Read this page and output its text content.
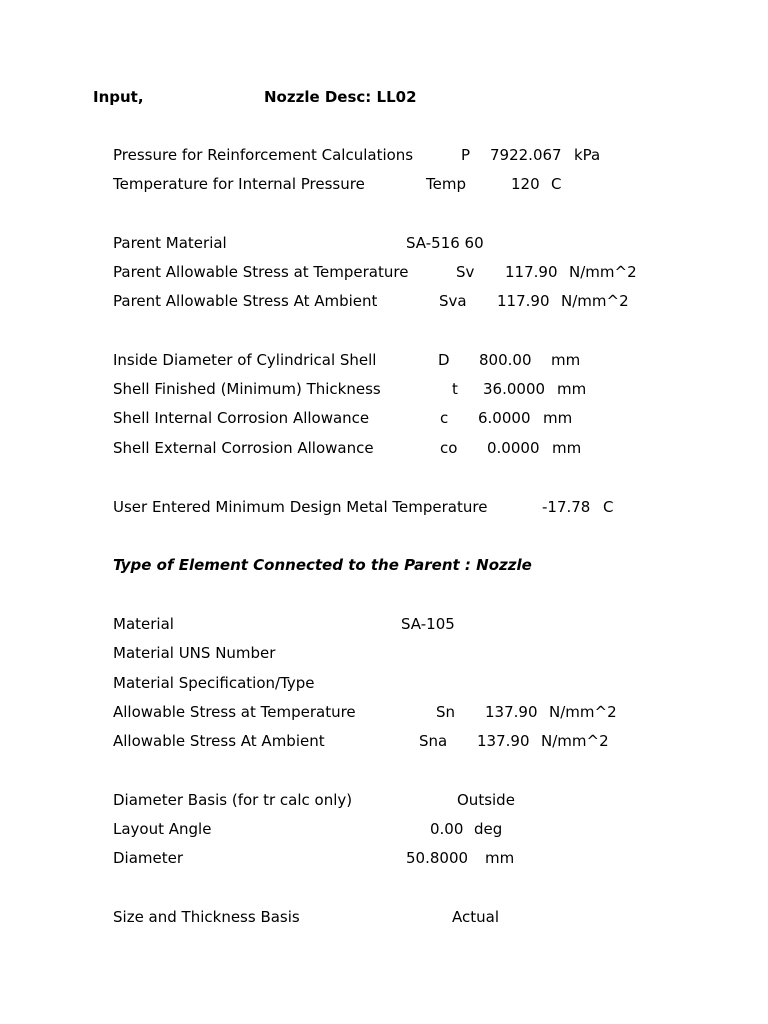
Input,	Nozzle Desc: LL02
Pressure for Reinforcement Calculations	P 7922.067 kPa
Temperature for Internal Pressure	Temp	120 C
Parent Material	SA-516 60
Parent Allowable Stress at Temperature	Sv 117.90 N/mm^2
Parent Allowable Stress At Ambient	Sva 117.90 N/mm^2
Inside Diameter of Cylindrical Shell	D 800.00 mm
Shell Finished (Minimum) Thickness	t 36.0000 mm
Shell Internal Corrosion Allowance	c 6.0000 mm
Shell External Corrosion Allowance	co 0.0000 mm
User Entered Minimum Design Metal Temperature	-17.78 C
Type of Element Connected to the Parent : Nozzle
Material	SA-105
Material UNS Number
Material Specification/Type
Allowable Stress at Temperature	Sn 137.90 N/mm^2
Allowable Stress At Ambient	Sna 137.90 N/mm^2
Diameter Basis (for tr calc only)	Outside
Layout Angle	0.00 deg
Diameter	50.8000 mm
Size and Thickness Basis	Actual
